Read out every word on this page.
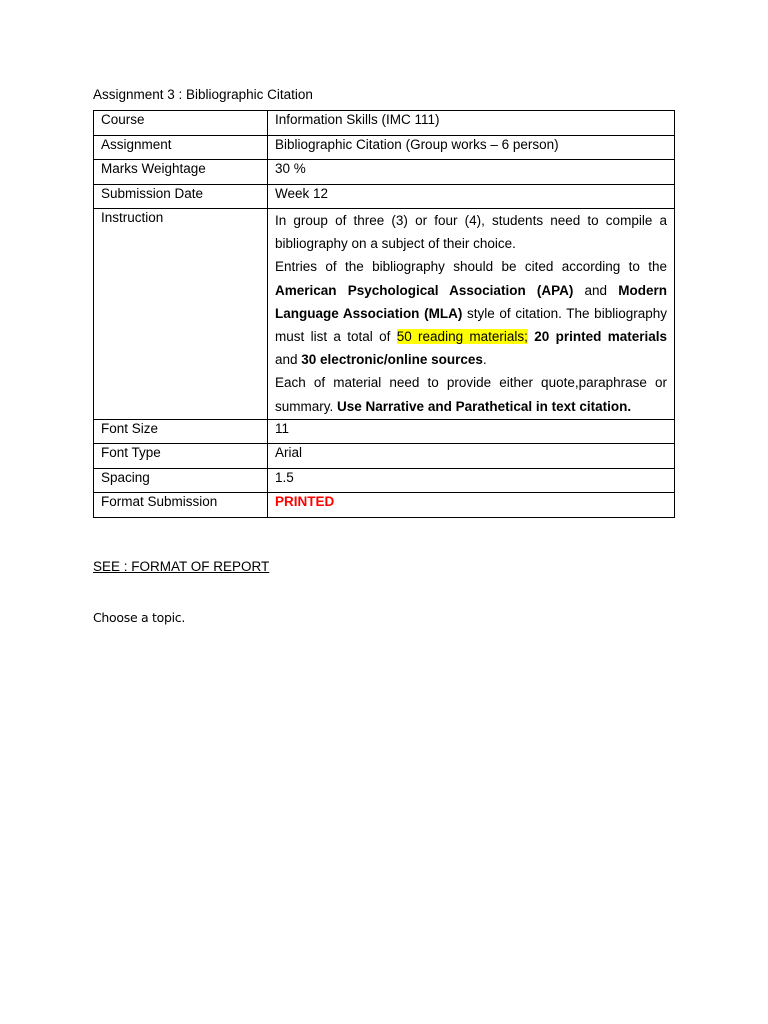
Assignment 3 : Bibliographic Citation

Course	Information Skills (IMC 111)
Assignment	Bibliographic Citation (Group works – 6 person)
Marks Weightage	30 %
Submission Date	Week 12
Instruction	In group of three (3) or four (4), students need to compile a bibliography on a subject of their choice.

Entries of the bibliography should be cited according to the American Psychological Association (APA) and Modern Language Association (MLA) style of citation. The bibliography must list a total of 50 reading materials; 20 printed materials and 30 electronic/online sources.

Each of material need to provide either quote,paraphrase or summary. Use Narrative and Parathetical in text citation.

Font Size	11
Font Type	Arial
Spacing	1.5
Format Submission	PRINTED

SEE : FORMAT OF REPORT

Choose a topic.
